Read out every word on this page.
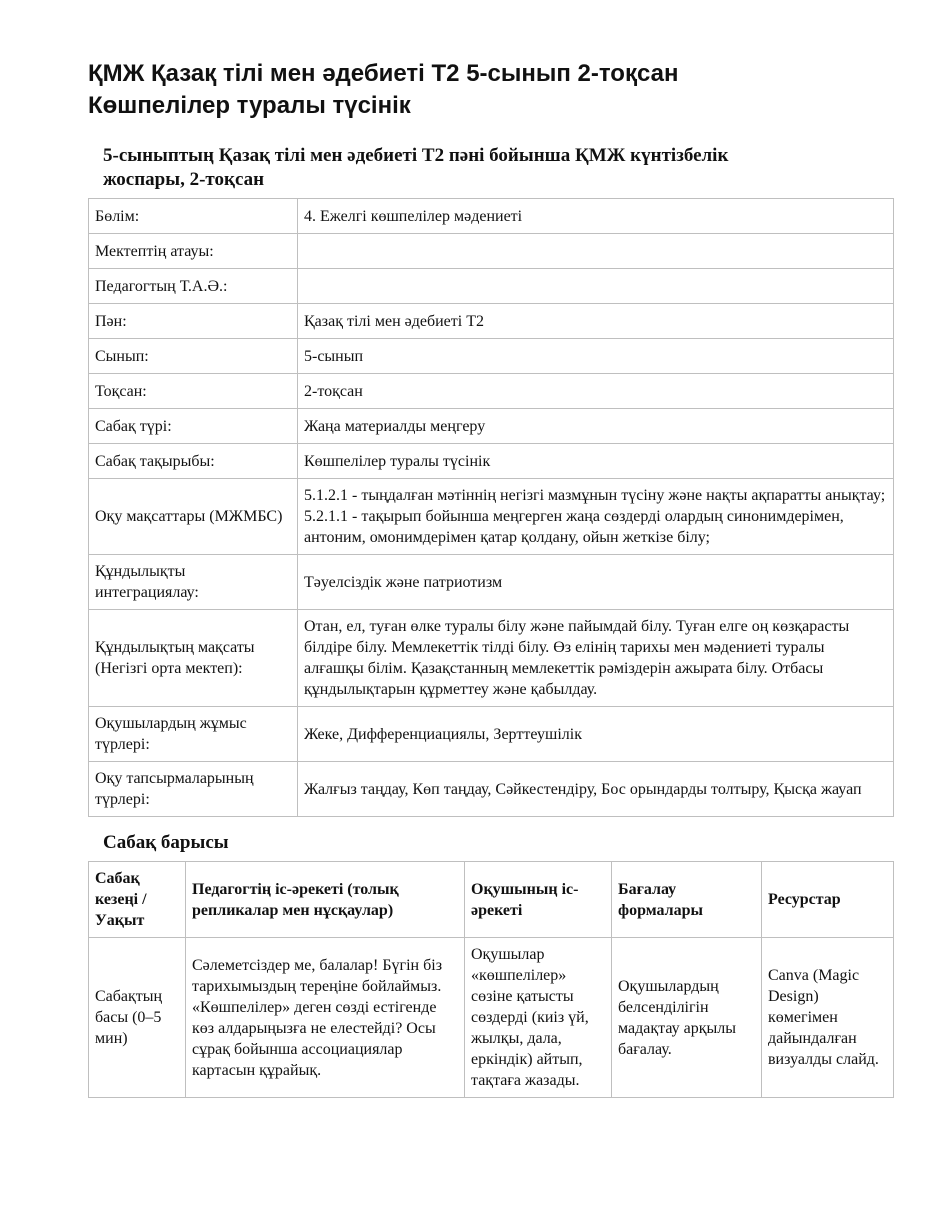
ҚМЖ Қазақ тілі мен әдебиеті Т2 5-сынып 2-тоқсан
Көшпелілер туралы түсінік
5-сыныптың Қазақ тілі мен әдебиеті Т2 пәні бойынша ҚМЖ күнтізбелік
жоспары, 2-тоқсан
Бөлім:	4. Ежелгі көшпелілер мәдениеті
Мектептің атауы:	
Педагогтың Т.А.Ә.:	
Пән:	Қазақ тілі мен әдебиеті Т2
Сынып:	5-сынып
Тоқсан:	2-тоқсан
Сабақ түрі:	Жаңа материалды меңгеру
Сабақ тақырыбы:	Көшпелілер туралы түсінік
Оқу мақсаттары (МЖМБС)	5.1.2.1 - тыңдалған мәтіннің негізгі мазмұнын түсіну және нақты ақпаратты анықтау; 5.2.1.1 - тақырып бойынша меңгерген жаңа сөздерді олардың синонимдерімен, антоним, омонимдерімен қатар қолдану, ойын жеткізе білу;
Құндылықты интеграциялау:	Тәуелсіздік және патриотизм
Құндылықтың мақсаты (Негізгі орта мектеп):	Отан, ел, туған өлке туралы білу және пайымдай білу. Туған елге оң көзқарасты білдіре білу. Мемлекеттік тілді білу. Өз елінің тарихы мен мәдениеті туралы алғашқы білім. Қазақстанның мемлекеттік рәміздерін ажырата білу. Отбасы құндылықтарын құрметтеу және қабылдау.
Оқушылардың жұмыс түрлері:	Жеке, Дифференциациялы, Зерттеушілік
Оқу тапсырмаларының түрлері:	Жалғыз таңдау, Көп таңдау, Сәйкестендіру, Бос орындарды толтыру, Қысқа жауап
Сабақ барысы
Сабақ кезеңі / Уақыт	Педагогтің іс-әрекеті (толық репликалар мен нұсқаулар)	Оқушының іс-әрекеті	Бағалау формалары	Ресурстар
Сабақтың басы (0–5 мин)	Сәлеметсіздер ме, балалар! Бүгін біз тарихымыздың тереңіне бойлаймыз. «Көшпелілер» деген сөзді естігенде көз алдарыңызға не елестейді? Осы сұрақ бойынша ассоциациялар картасын құрайық.	Оқушылар «көшпелілер» сөзіне қатысты сөздерді (киіз үй, жылқы, дала, еркіндік) айтып, тақтаға жазады.	Оқушылардың белсенділігін мадақтау арқылы бағалау.	Canva (Magic Design) көмегімен дайындалған визуалды слайд.
